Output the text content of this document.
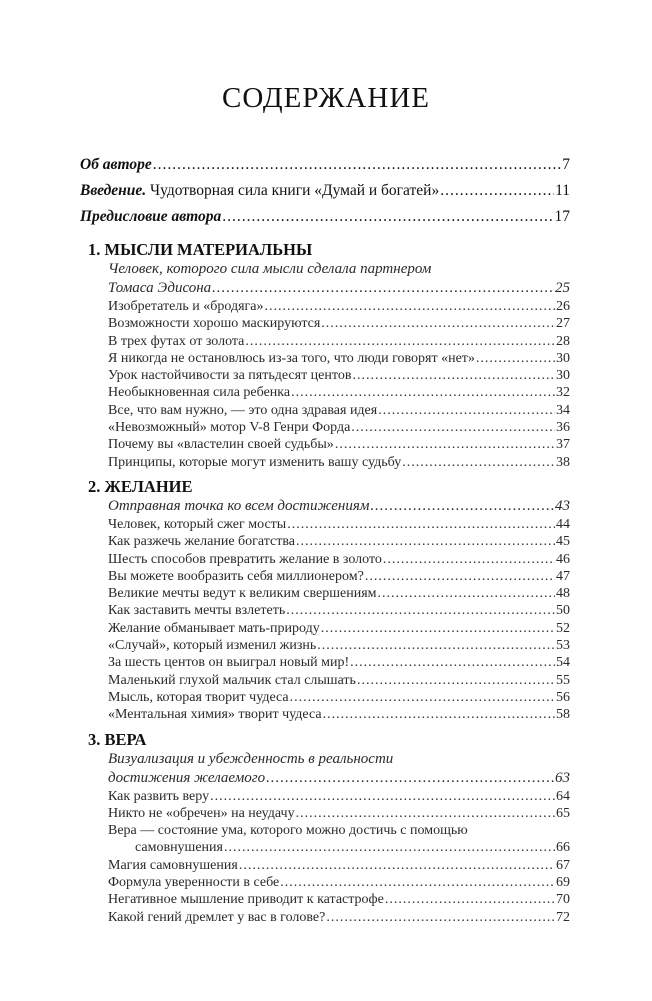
СОДЕРЖАНИЕ
Об авторе .....	7
Введение. Чудотворная сила книги «Думай и богатей» .....	11
Предисловие автора .....	17
1. МЫСЛИ МАТЕРИАЛЬНЫ
Человек, которого сила мысли сделала партнером
Томаса Эдисона .....	25
Изобретатель и «бродяга» .....	26
Возможности хорошо маскируются .....	27
В трех футах от золота .....	28
Я никогда не остановлюсь из-за того, что люди говорят «нет» .....	30
Урок настойчивости за пятьдесят центов .....	30
Необыкновенная сила ребенка .....	32
Все, что вам нужно, — это одна здравая идея .....	34
«Невозможный» мотор V-8 Генри Форда .....	36
Почему вы «властелин своей судьбы» .....	37
Принципы, которые могут изменить вашу судьбу .....	38
2. ЖЕЛАНИЕ
Отправная точка ко всем достижениям .....	43
Человек, который сжег мосты .....	44
Как разжечь желание богатства .....	45
Шесть способов превратить желание в золото .....	46
Вы можете вообразить себя миллионером? .....	47
Великие мечты ведут к великим свершениям .....	48
Как заставить мечты взлететь .....	50
Желание обманывает мать-природу .....	52
«Случай», который изменил жизнь .....	53
За шесть центов он выиграл новый мир! .....	54
Маленький глухой мальчик стал слышать .....	55
Мысль, которая творит чудеса .....	56
«Ментальная химия» творит чудеса .....	58
3. ВЕРА
Визуализация и убежденность в реальности
достижения желаемого .....	63
Как развить веру .....	64
Никто не «обречен» на неудачу .....	65
Вера — состояние ума, которого можно достичь с помощью
самовнушения .....	66
Магия самовнушения .....	67
Формула уверенности в себе .....	69
Негативное мышление приводит к катастрофе .....	70
Какой гений дремлет у вас в голове? .....	72
